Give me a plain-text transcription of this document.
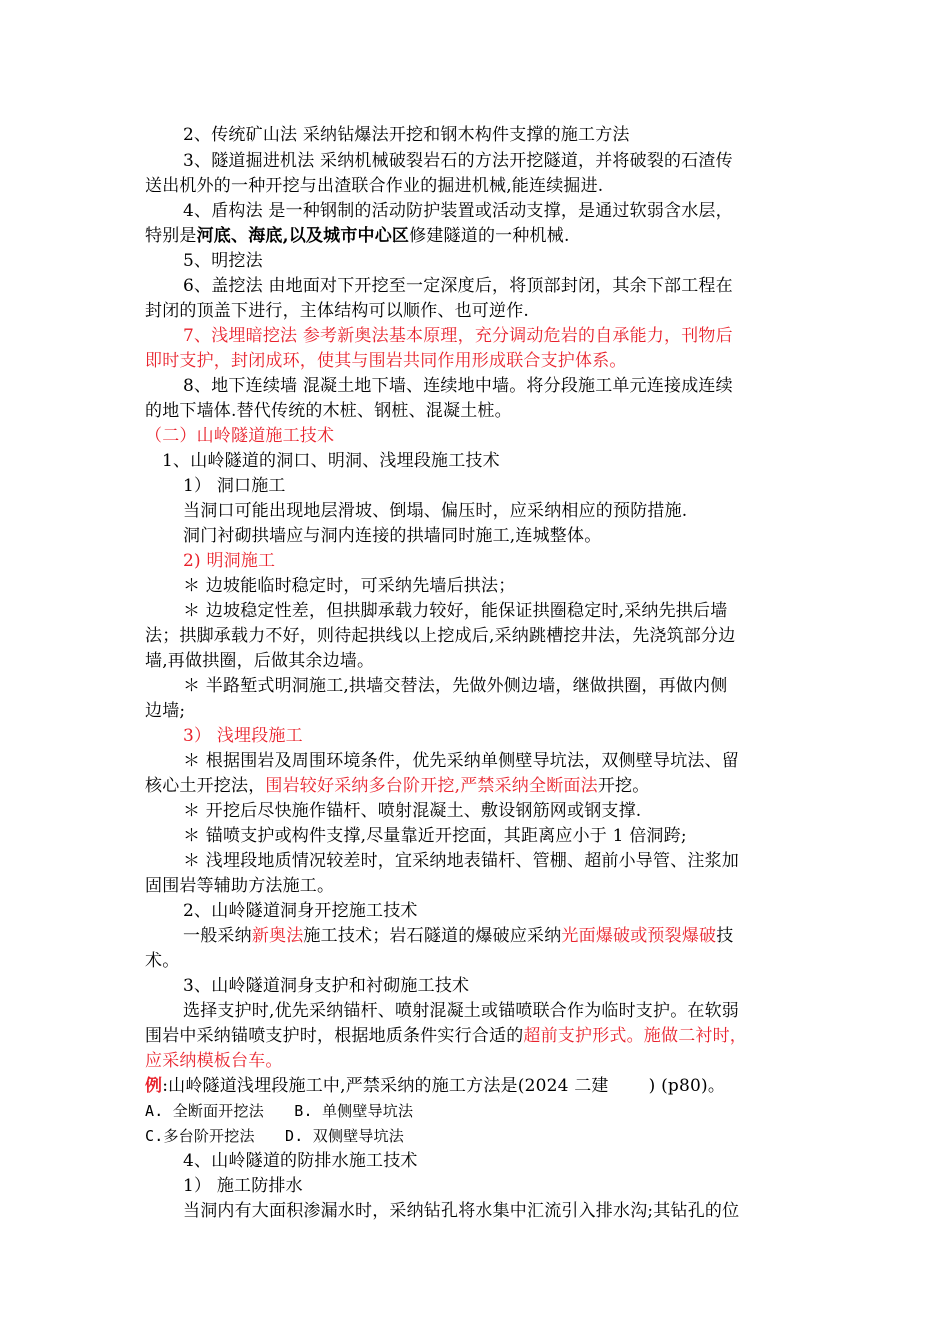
2、传统矿山法 采纳钻爆法开挖和钢木构件支撑的施工方法
3、隧道掘进机法 采纳机械破裂岩石的方法开挖隧道，并将破裂的石渣传
送出机外的一种开挖与出渣联合作业的掘进机械,能连续掘进.
4、盾构法 是一种钢制的活动防护装置或活动支撑，是通过软弱含水层，
特别是河底、海底,以及城市中心区修建隧道的一种机械.
5、明挖法
6、盖挖法 由地面对下开挖至一定深度后，将顶部封闭，其余下部工程在
封闭的顶盖下进行，主体结构可以顺作、也可逆作.
7、浅埋暗挖法 参考新奥法基本原理，充分调动危岩的自承能力，刊物后
即时支护，封闭成环，使其与围岩共同作用形成联合支护体系。
8、地下连续墙 混凝土地下墙、连续地中墙。将分段施工单元连接成连续
的地下墙体.替代传统的木桩、钢桩、混凝土桩。
（二）山岭隧道施工技术
1、山岭隧道的洞口、明洞、浅埋段施工技术
1） 洞口施工
当洞口可能出现地层滑坡、倒塌、偏压时，应采纳相应的预防措施.
洞门衬砌拱墙应与洞内连接的拱墙同时施工,连城整体。
2) 明洞施工
＊ 边坡能临时稳定时，可采纳先墙后拱法；
＊ 边坡稳定性差，但拱脚承载力较好，能保证拱圈稳定时,采纳先拱后墙
法；拱脚承载力不好，则待起拱线以上挖成后,采纳跳槽挖井法，先浇筑部分边
墙,再做拱圈，后做其余边墙。
＊ 半路堑式明洞施工,拱墙交替法，先做外侧边墙，继做拱圈，再做内侧
边墙;
3） 浅埋段施工
＊ 根据围岩及周围环境条件，优先采纳单侧壁导坑法，双侧壁导坑法、留
核心土开挖法，围岩较好采纳多台阶开挖,严禁采纳全断面法开挖。
＊ 开挖后尽快施作锚杆、喷射混凝土、敷设钢筋网或钢支撑.
＊ 锚喷支护或构件支撑,尽量靠近开挖面，其距离应小于 1 倍洞跨;
＊ 浅埋段地质情况较差时，宜采纳地表锚杆、管棚、超前小导管、注浆加
固围岩等辅助方法施工。
2、山岭隧道洞身开挖施工技术
一般采纳新奥法施工技术；岩石隧道的爆破应采纳光面爆破或预裂爆破技
术。
3、山岭隧道洞身支护和衬砌施工技术
选择支护时,优先采纳锚杆、喷射混凝土或锚喷联合作为临时支护。在软弱
围岩中采纳锚喷支护时，根据地质条件实行合适的超前支护形式。施做二衬时，
应采纳模板台车。
例:山岭隧道浅埋段施工中,严禁采纳的施工方法是(2024 二建　　 ) (p80)。
A. 全断面开挖法　　B. 单侧壁导坑法
C.多台阶开挖法　　D. 双侧壁导坑法
4、山岭隧道的防排水施工技术
1） 施工防排水
当洞内有大面积渗漏水时，采纳钻孔将水集中汇流引入排水沟;其钻孔的位
